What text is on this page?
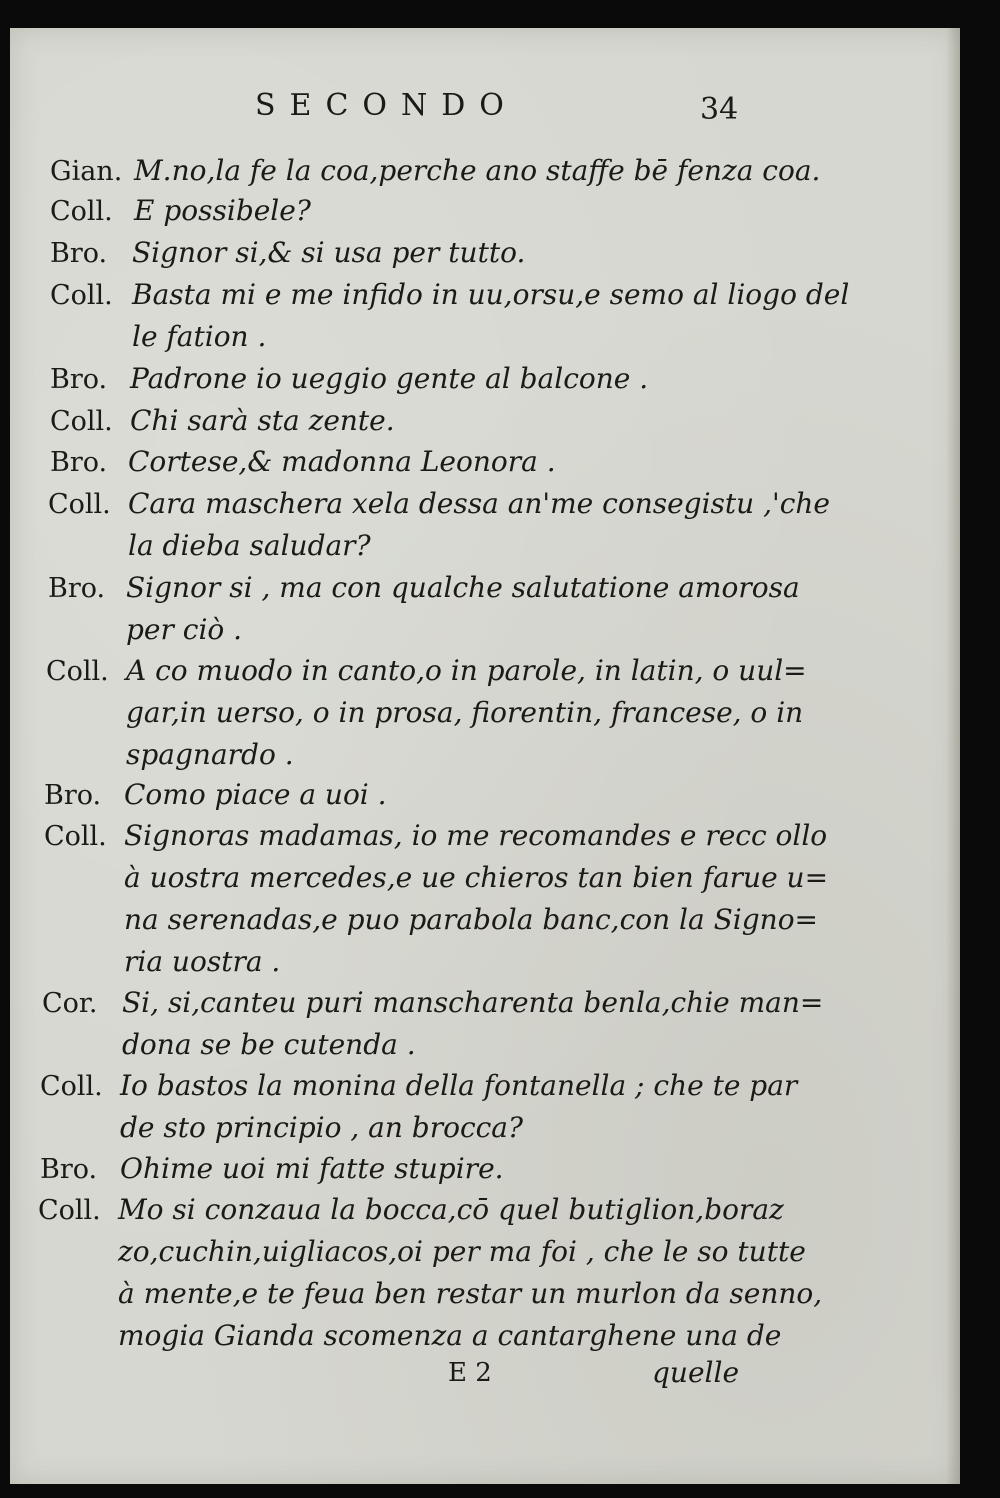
SECONDO	34
Gian. M.no,la fe la coa,perche ano staffe bē fenza coa.
Coll. E possibele?
Bro. Signor si,& si usa per tutto.
Coll. Basta mi e me infido in uu,orsu,e semo al liogo del
le fation .
Bro. Padrone io ueggio gente al balcone .
Coll. Chi sarà sta zente.
Bro. Cortese,& madonna Leonora .
Coll. Cara maschera xela dessa an'me consegistu ,'che
la dieba saludar?
Bro. Signor si , ma con qualche salutatione amorosa
per ciò .
Coll. A co muodo in canto,o in parole, in latin, o uul=
gar,in uerso, o in prosa, fiorentin, francese, o in
spagnardo .
Bro. Como piace a uoi .
Coll. Signoras madamas, io me recomandes e recc ollo
à uostra mercedes,e ue chieros tan bien farue u=
na serenadas,e puo parabola banc,con la Signo=
ria uostra .
Cor. Si, si,canteu puri manscharenta benla,chie man=
dona se be cutenda .
Coll. Io bastos la monina della fontanella ; che te par
de sto principio , an brocca?
Bro. Ohime uoi mi fatte stupire.
Coll. Mo si conzaua la bocca,cō quel butiglion,boraz
zo,cuchin,uigliacos,oi per ma foi , che le so tutte
à mente,e te feua ben restar un murlon da senno,
mogia Gianda scomenza a cantarghene una de
E 2	quelle
